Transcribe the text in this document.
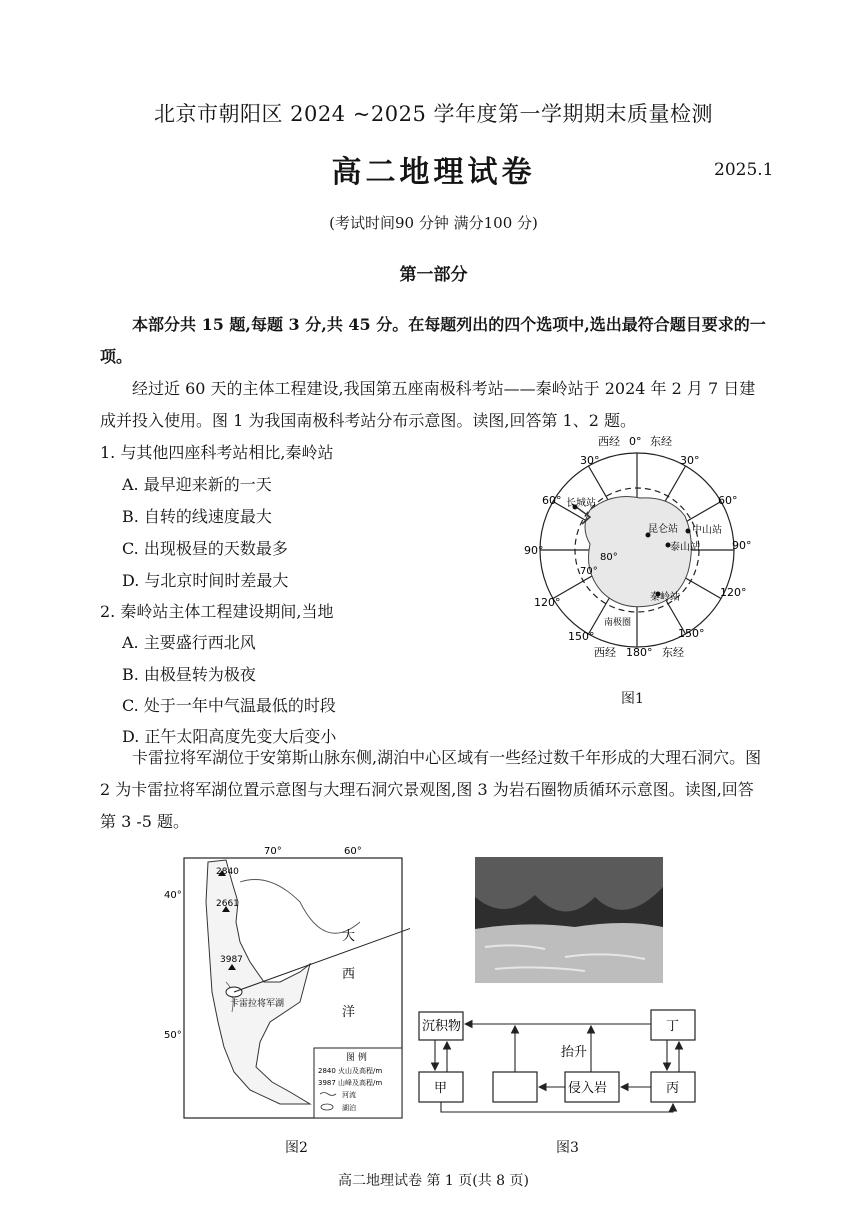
北京市朝阳区 2024 ~2025 学年度第一学期期末质量检测
高二地理试卷	2025.1
(考试时间90 分钟 满分100 分)
第一部分
本部分共 15 题,每题 3 分,共 45 分。在每题列出的四个选项中,选出最符合题目要求的一项。
经过近 60 天的主体工程建设,我国第五座南极科考站——秦岭站于 2024 年 2 月 7 日建成并投入使用。图 1 为我国南极科考站分布示意图。读图,回答第 1、2 题。
1. 与其他四座科考站相比,秦岭站
A. 最早迎来新的一天
B. 自转的线速度最大
C. 出现极昼的天数最多
D. 与北京时间时差最大
2. 秦岭站主体工程建设期间,当地
A. 主要盛行西北风
B. 由极昼转为极夜
C. 处于一年中气温最低的时段
D. 正午太阳高度先变大后变小
西经 0° 东经
30°	30°
60°	60°
90°	90°
120°
120°
150°	150°
80°
70°
长城站
昆仑站 中山站
泰山站
秦岭站
南极圈
西经 180° 东经
图1
卡雷拉将军湖位于安第斯山脉东侧,湖泊中心区域有一些经过数千年形成的大理石洞穴。图 2 为卡雷拉将军湖位置示意图与大理石洞穴景观图,图 3 为岩石圈物质循环示意图。读图,回答第 3 -5 题。
70°	60°
40°
50°
2840
2661
3987
卡雷拉将军湖
大
西
洋
图 例
2840 火山及高程/m
3987 山峰及高程/m
河流
湖泊
图2
沉积物	丁
甲	侵入岩	丙
抬升
图3
高二地理试卷 第 1 页(共 8 页)
